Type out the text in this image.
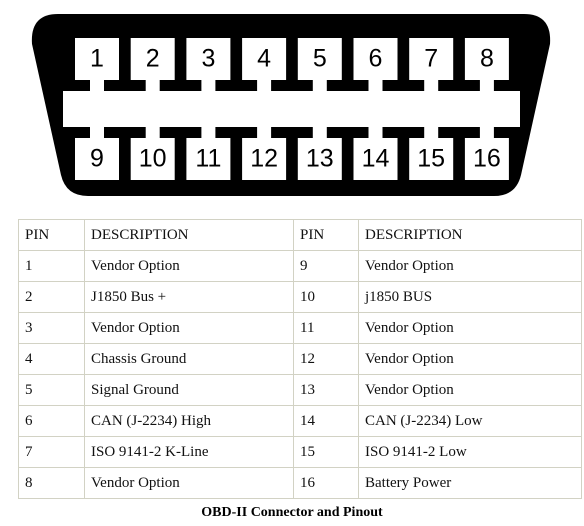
1 2 3 4 5 6 7 8
9 10 11 12 13 14 15 16
PIN	DESCRIPTION	PIN	DESCRIPTION
1	Vendor Option	9	Vendor Option
2	J1850 Bus +	10	j1850 BUS
3	Vendor Option	11	Vendor Option
4	Chassis Ground	12	Vendor Option
5	Signal Ground	13	Vendor Option
6	CAN (J-2234) High	14	CAN (J-2234) Low
7	ISO 9141-2 K-Line	15	ISO 9141-2 Low
8	Vendor Option	16	Battery Power
OBD-II Connector and Pinout
